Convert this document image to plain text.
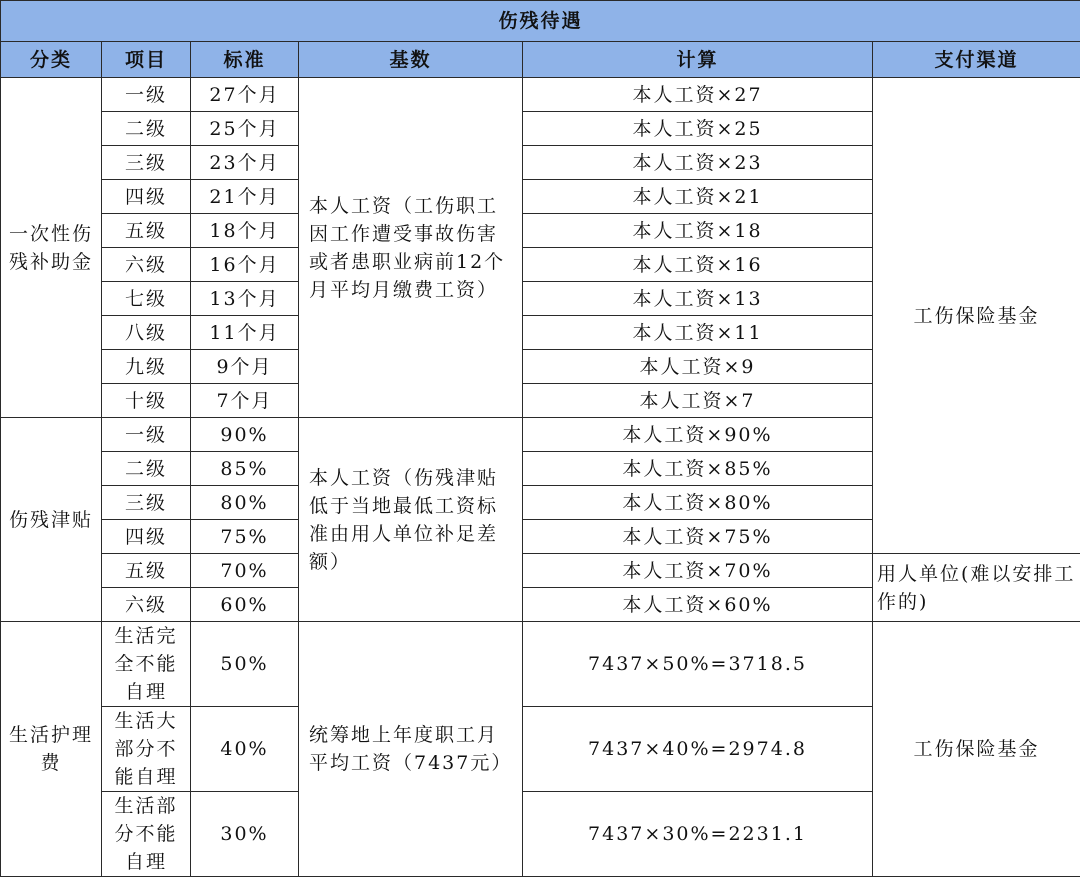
伤残待遇					
分类	项目	标准	基数	计算	支付渠道
一次性伤残补助金	一级	27个月	本人工资（工伤职工因工作遭受事故伤害或者患职业病前12个月平均月缴费工资）	本人工资×27	工伤保险基金
	二级	25个月		本人工资×25	
	三级	23个月		本人工资×23	
	四级	21个月		本人工资×21	
	五级	18个月		本人工资×18	
	六级	16个月		本人工资×16	
	七级	13个月		本人工资×13	
	八级	11个月		本人工资×11	
	九级	9个月		本人工资×9	
	十级	7个月		本人工资×7	
伤残津贴	一级	90%	本人工资（伤残津贴低于当地最低工资标准由用人单位补足差额）	本人工资×90%	
	二级	85%		本人工资×85%	
	三级	80%		本人工资×80%	
	四级	75%		本人工资×75%	
	五级	70%		本人工资×70%	用人单位(难以安排工作的)
	六级	60%		本人工资×60%	
生活护理费	生活完全不能自理	50%	统筹地上年度职工月平均工资（7437元）	7437×50%=3718.5	工伤保险基金
	生活大部分不能自理	40%		7437×40%=2974.8	
	生活部分不能自理	30%		7437×30%=2231.1	
